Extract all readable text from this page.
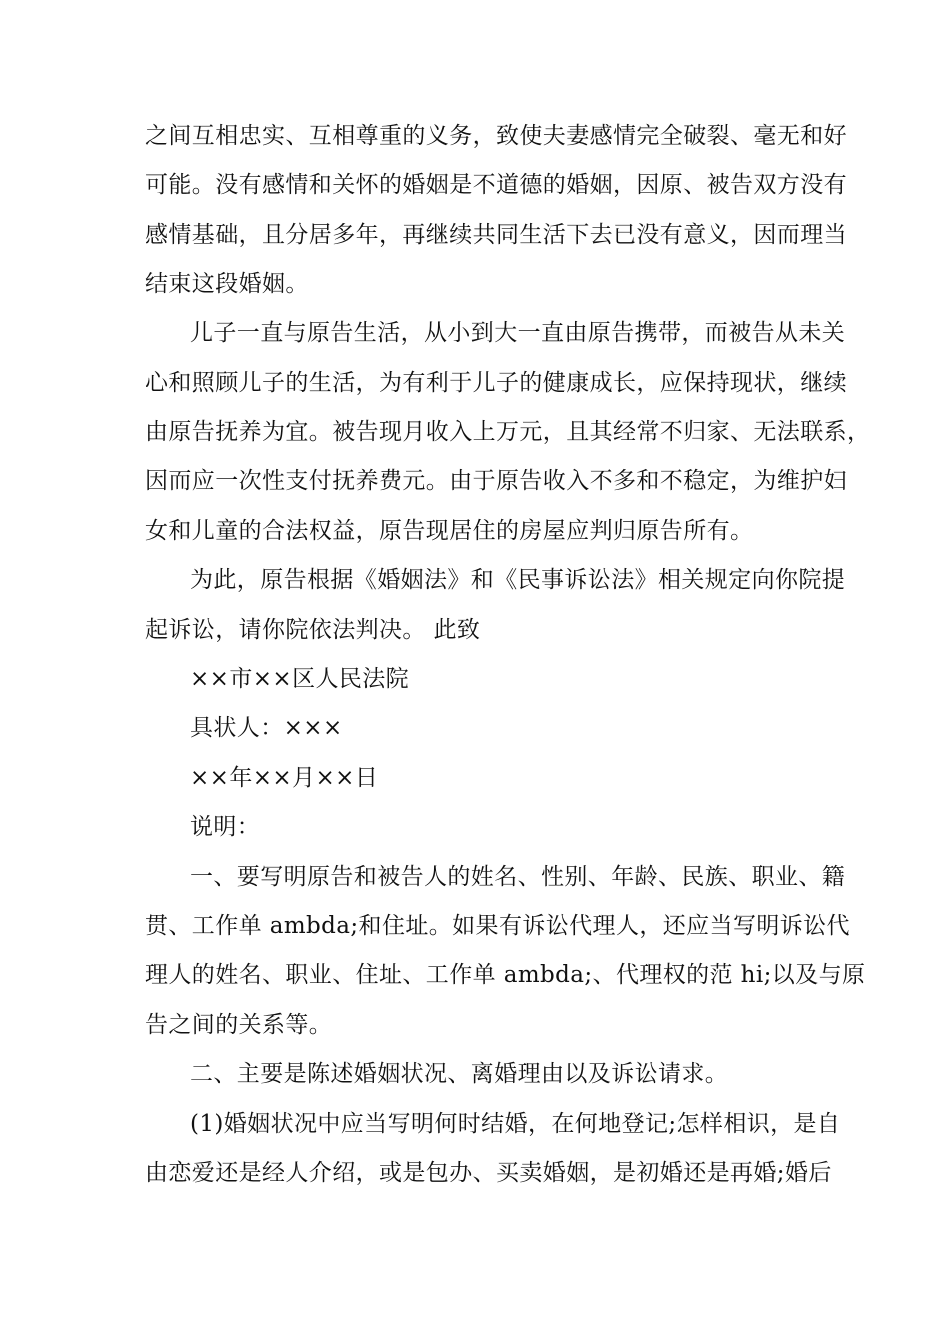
之间互相忠实、互相尊重的义务，致使夫妻感情完全破裂、毫无和好
可能。没有感情和关怀的婚姻是不道德的婚姻，因原、被告双方没有
感情基础，且分居多年，再继续共同生活下去已没有意义，因而理当
结束这段婚姻。
儿子一直与原告生活，从小到大一直由原告携带，而被告从未关
心和照顾儿子的生活，为有利于儿子的健康成长，应保持现状，继续
由原告抚养为宜。被告现月收入上万元，且其经常不归家、无法联系，
因而应一次性支付抚养费元。由于原告收入不多和不稳定，为维护妇
女和儿童的合法权益，原告现居住的房屋应判归原告所有。
为此，原告根据《婚姻法》和《民事诉讼法》相关规定向你院提
起诉讼，请你院依法判决。 此致
××市××区人民法院
具状人：×××
××年××月××日
说明：
一、要写明原告和被告人的姓名、性别、年龄、民族、职业、籍
贯、工作单 ambda;和住址。如果有诉讼代理人，还应当写明诉讼代
理人的姓名、职业、住址、工作单 ambda;、代理权的范 hi;以及与原
告之间的关系等。
二、主要是陈述婚姻状况、离婚理由以及诉讼请求。
(1)婚姻状况中应当写明何时结婚，在何地登记;怎样相识，是自
由恋爱还是经人介绍，或是包办、买卖婚姻，是初婚还是再婚;婚后
